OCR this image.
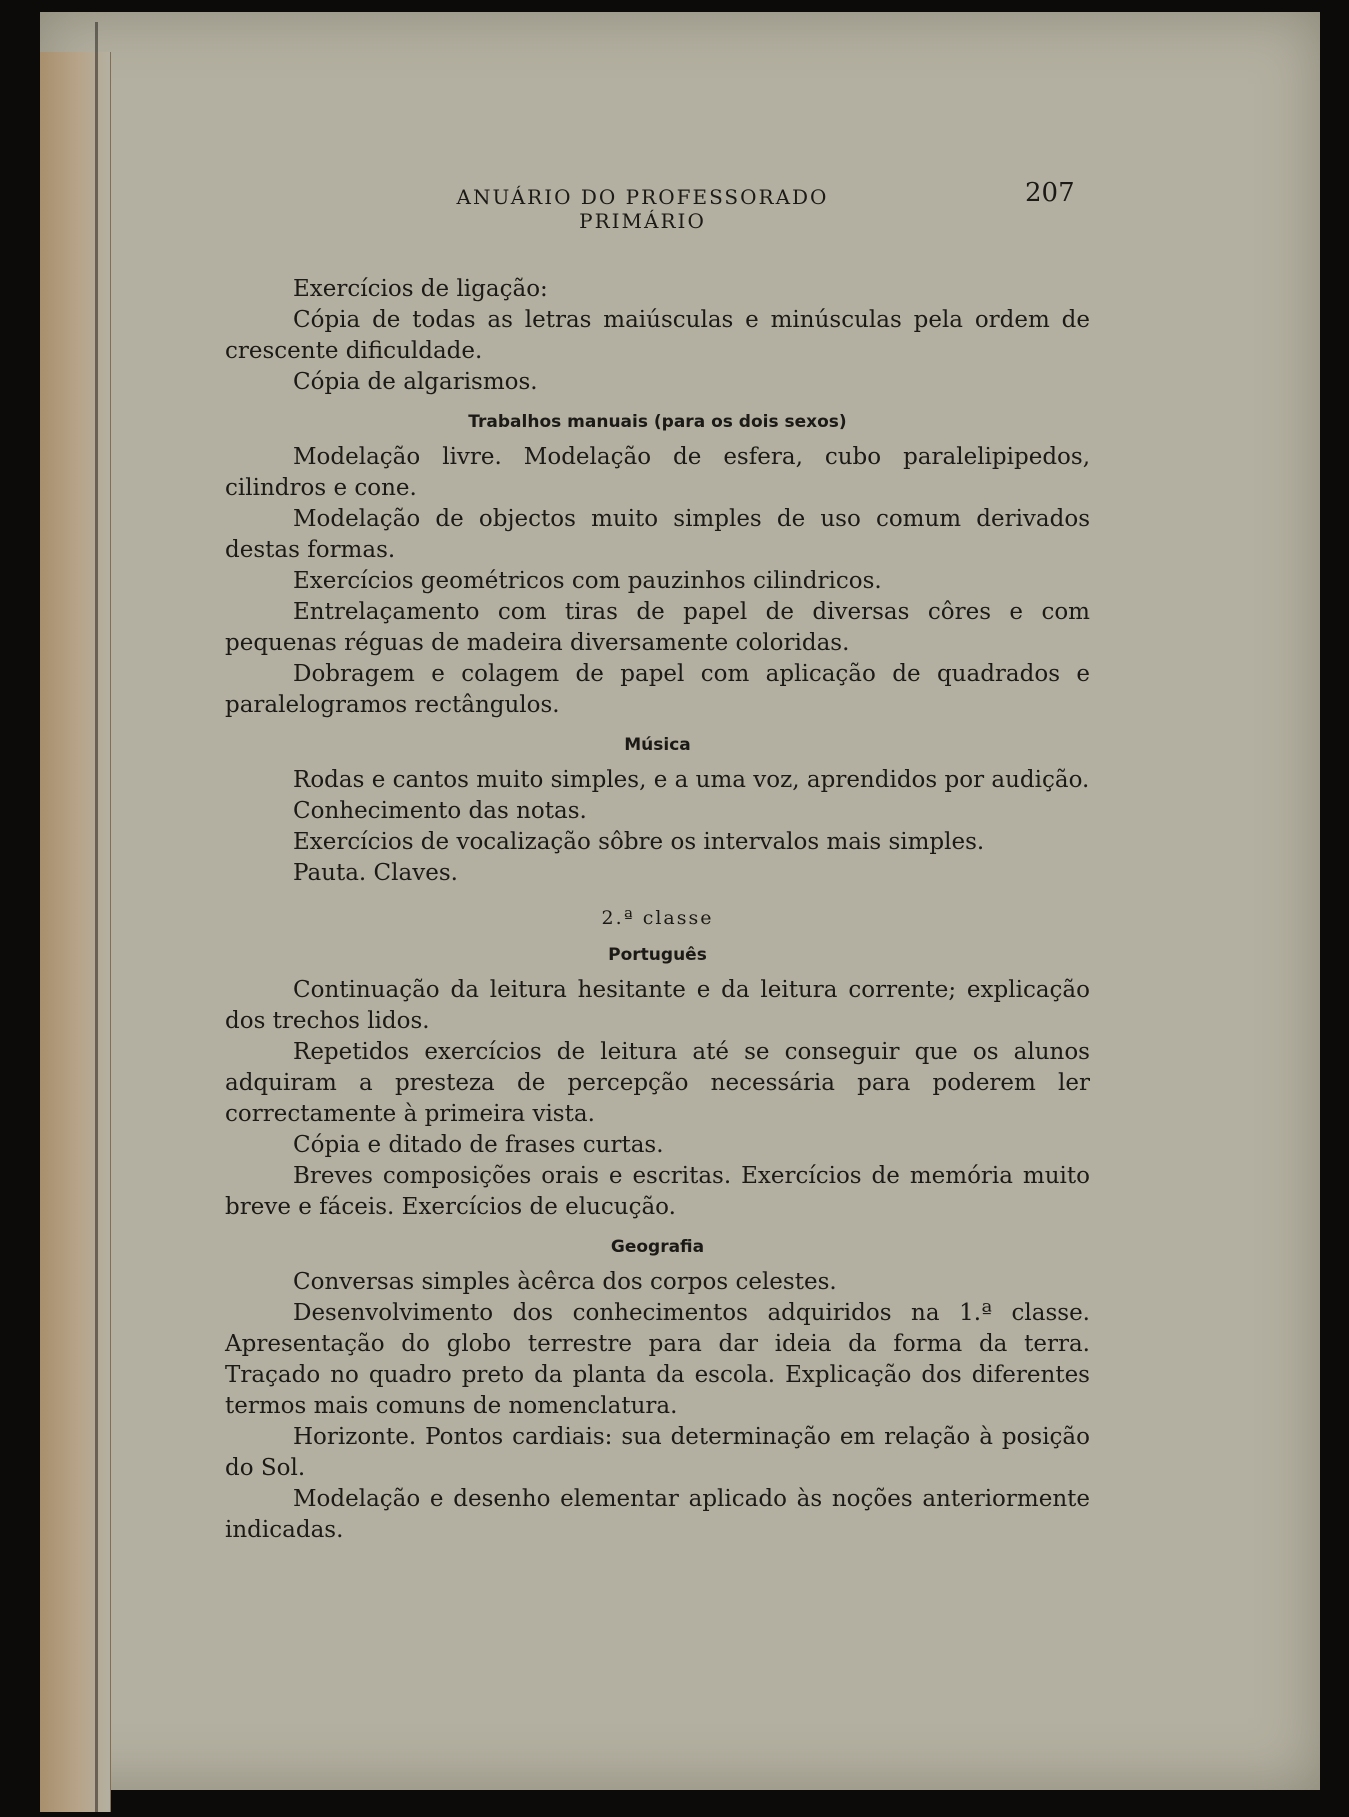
ANUÁRIO DO PROFESSORADO PRIMÁRIO
207

Exercícios de ligação:

Cópia de todas as letras maiúsculas e minúsculas pela ordem de crescente dificuldade.

Cópia de algarismos.

Trabalhos manuais (para os dois sexos)

Modelação livre. Modelação de esfera, cubo paralelipipedos, cilindros e cone.

Modelação de objectos muito simples de uso comum derivados destas formas.

Exercícios geométricos com pauzinhos cilindricos.

Entrelaçamento com tiras de papel de diversas côres e com pequenas réguas de madeira diversamente coloridas.

Dobragem e colagem de papel com aplicação de quadrados e paralelogramos rectângulos.

Música

Rodas e cantos muito simples, e a uma voz, aprendidos por audição.

Conhecimento das notas.

Exercícios de vocalização sôbre os intervalos mais simples.

Pauta. Claves.

2.ª classe
Português

Continuação da leitura hesitante e da leitura corrente; explicação dos trechos lidos.

Repetidos exercícios de leitura até se conseguir que os alunos adquiram a presteza de percepção necessária para poderem ler correctamente à primeira vista.

Cópia e ditado de frases curtas.

Breves composições orais e escritas. Exercícios de memória muito breve e fáceis. Exercícios de elucução.

Geografia

Conversas simples àcêrca dos corpos celestes.

Desenvolvimento dos conhecimentos adquiridos na 1.ª classe. Apresentação do globo terrestre para dar ideia da forma da terra. Traçado no quadro preto da planta da escola. Explicação dos diferentes termos mais comuns de nomenclatura.

Horizonte. Pontos cardiais: sua determinação em relação à posição do Sol.

Modelação e desenho elementar aplicado às noções anteriormente indicadas.
